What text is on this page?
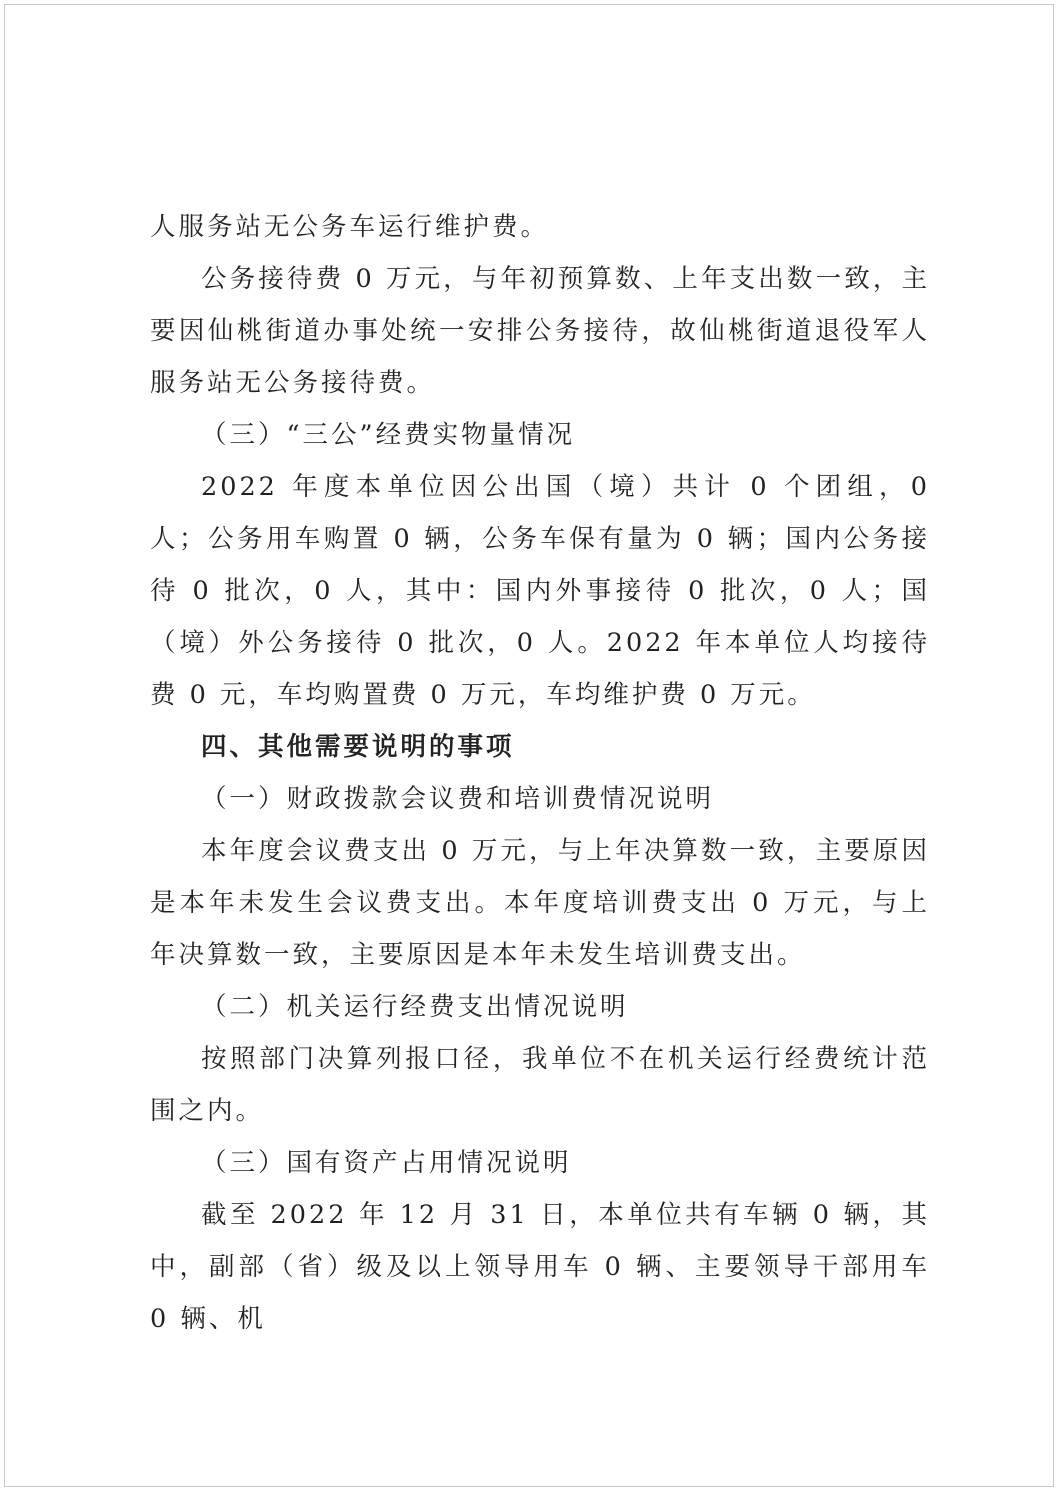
人服务站无公务车运行维护费。

公务接待费 0 万元，与年初预算数、上年支出数一致，主要因仙桃街道办事处统一安排公务接待，故仙桃街道退役军人服务站无公务接待费。

（三）“三公”经费实物量情况

2022 年度本单位因公出国（境）共计 0 个团组，0 人；公务用车购置 0 辆，公务车保有量为 0 辆；国内公务接待 0 批次，0 人，其中：国内外事接待 0 批次，0 人；国（境）外公务接待 0 批次，0 人。2022 年本单位人均接待费 0 元，车均购置费 0 万元，车均维护费 0 万元。

四、其他需要说明的事项

（一）财政拨款会议费和培训费情况说明

本年度会议费支出 0 万元，与上年决算数一致，主要原因是本年未发生会议费支出。本年度培训费支出 0 万元，与上年决算数一致，主要原因是本年未发生培训费支出。

（二）机关运行经费支出情况说明

按照部门决算列报口径，我单位不在机关运行经费统计范围之内。

（三）国有资产占用情况说明

截至 2022 年 12 月 31 日，本单位共有车辆 0 辆，其中，副部（省）级及以上领导用车 0 辆、主要领导干部用车 0 辆、机
